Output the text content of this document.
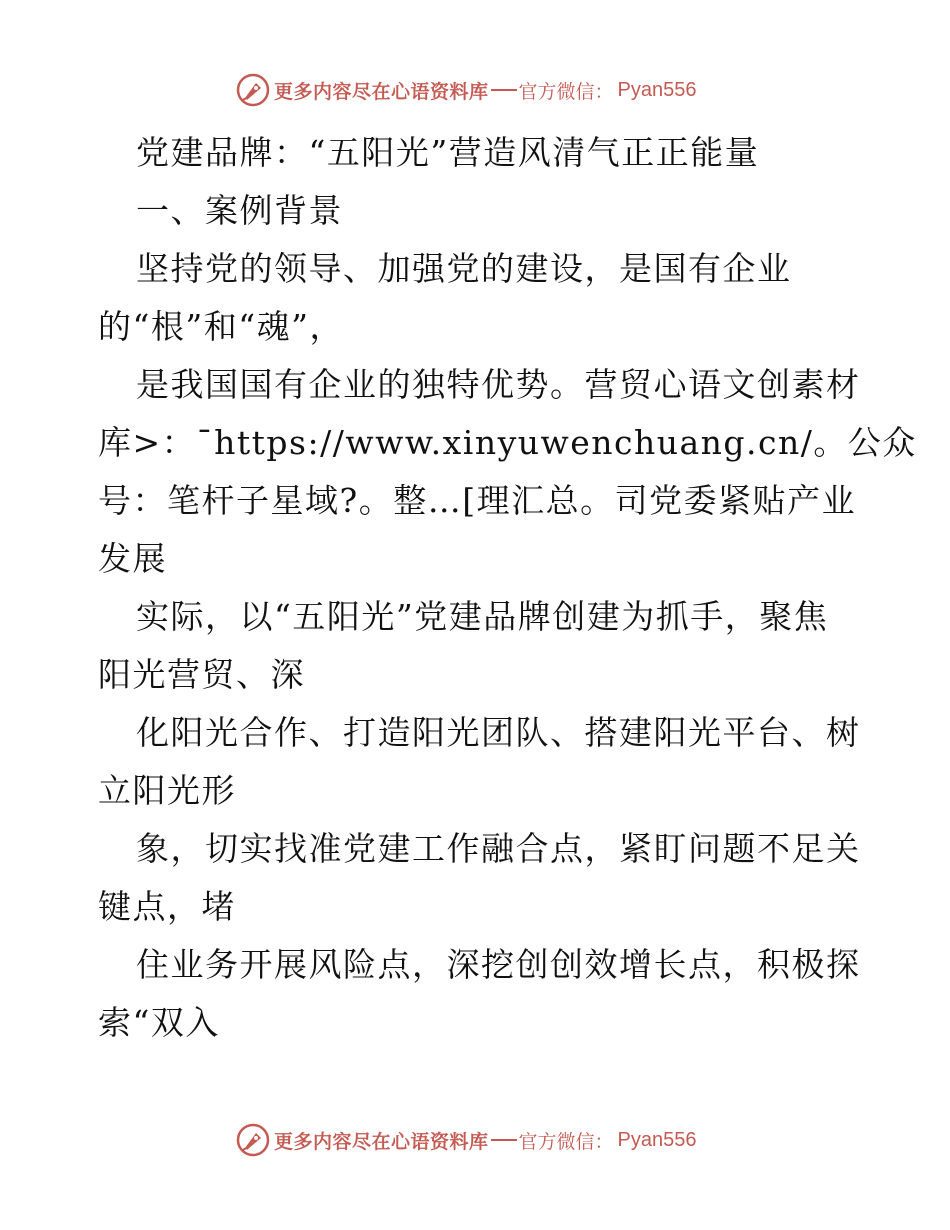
更多内容尽在心语资料库 官方微信： Pyan556
党建品牌：“五阳光”营造风清气正正能量
一、案例背景
坚持党的领导、加强党的建设，是国有企业
的“根”和“魂”，
是我国国有企业的独特优势。营贸心语文创素材
库>：¯https://www.xinyuwenchuang.cn/。公众
号：笔杆子星域?。整…[理汇总。司党委紧贴产业
发展
实际，以“五阳光”党建品牌创建为抓手，聚焦
阳光营贸、深
化阳光合作、打造阳光团队、搭建阳光平台、树
立阳光形
象，切实找准党建工作融合点，紧盯问题不足关
键点，堵
住业务开展风险点，深挖创创效增长点，积极探
索“双入
更多内容尽在心语资料库 官方微信： Pyan556
